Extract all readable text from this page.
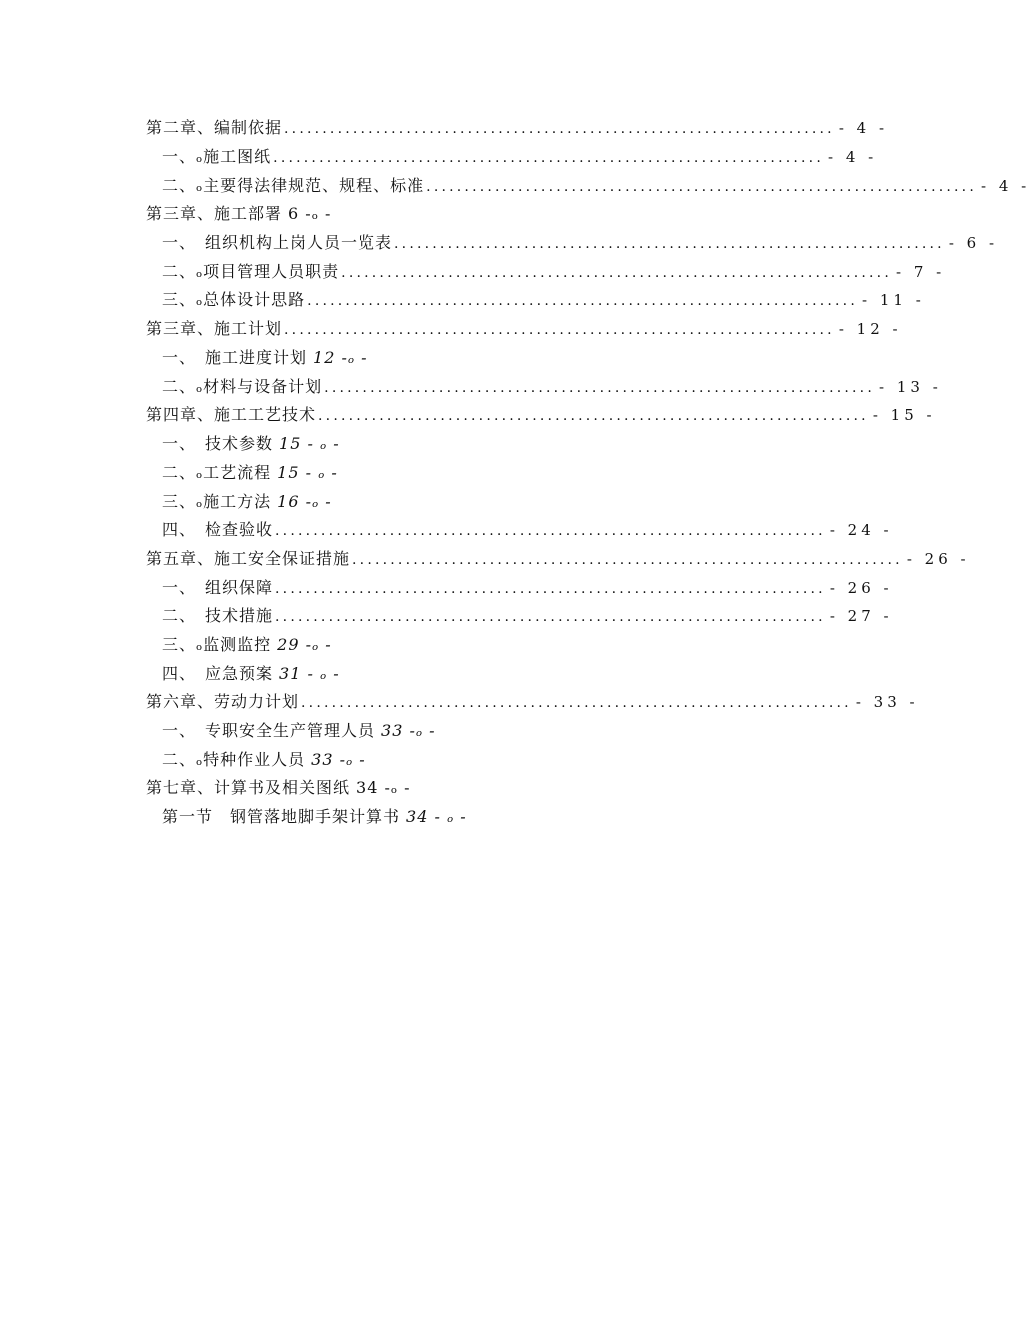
第二章、编制依据 ........................................................................ - 4 -
一、ₒ施工图纸 ........................................................................ - 4 -
二、ₒ主要得法律规范、规程、标准 ........................................................................ - 4 -
第三章、施工部署 6 -ₒ -
一、　组织机构上岗人员一览表 ........................................................................ - 6 -
二、ₒ项目管理人员职责 ........................................................................ - 7 -
三、ₒ总体设计思路 ........................................................................ - 11 -
第三章、施工计划 ........................................................................ - 12 -
一、　施工进度计划 12 -ₒ -
二、ₒ材料与设备计划 ........................................................................ - 13 -
第四章、施工工艺技术 ........................................................................ - 15 -
一、　技术参数 15 - ₒ -
二、ₒ工艺流程 15 - ₒ -
三、ₒ施工方法 16 -ₒ -
四、　检查验收 ........................................................................ - 24 -
第五章、施工安全保证措施 ........................................................................ - 26 -
一、　组织保障 ........................................................................ - 26 -
二、　技术措施 ........................................................................ - 27 -
三、ₒ监测监控 29 -ₒ -
四、　应急预案 31 - ₒ -
第六章、劳动力计划 ........................................................................ - 33 -
一、　专职安全生产管理人员 33 -ₒ -
二、ₒ特种作业人员 33 -ₒ -
第七章、计算书及相关图纸 34 -ₒ -
第一节　钢管落地脚手架计算书 34 - ₒ -
